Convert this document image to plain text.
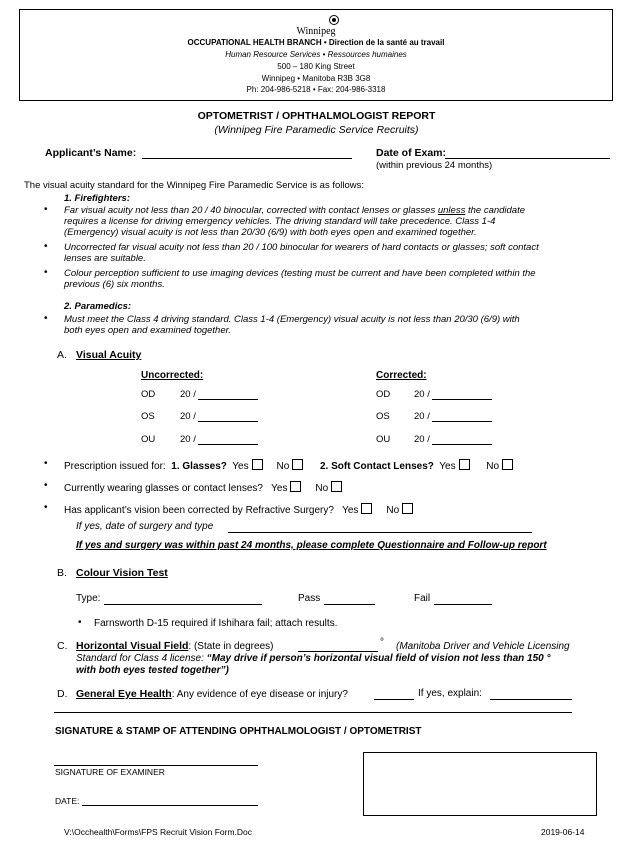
Winnipeg
OCCUPATIONAL HEALTH BRANCH • Direction de la santé au travail
Human Resource Services • Ressources humaines
500 – 180 King Street
Winnipeg • Manitoba R3B 3G8
Ph: 204-986-5218 • Fax: 204-986-3318
OPTOMETRIST / OPHTHALMOLOGIST REPORT
(Winnipeg Fire Paramedic Service Recruits)
Applicant’s Name:	Date of Exam:
(within previous 24 months)
The visual acuity standard for the Winnipeg Fire Paramedic Service is as follows:
1. Firefighters:
• Far visual acuity not less than 20 / 40 binocular, corrected with contact lenses or glasses unless the candidate
requires a license for driving emergency vehicles. The driving standard will take precedence. Class 1-4
(Emergency) visual acuity is not less than 20/30 (6/9) with both eyes open and examined together.
• Uncorrected far visual acuity not less than 20 / 100 binocular for wearers of hard contacts or glasses; soft contact
lenses are suitable.
• Colour perception sufficient to use imaging devices (testing must be current and have been completed within the
previous (6) six months.
2. Paramedics:
• Must meet the Class 4 driving standard. Class 1-4 (Emergency) visual acuity is not less than 20/30 (6/9) with
both eyes open and examined together.
A. Visual Acuity
Uncorrected:	Corrected:
OD	20 /	OD	20 /
OS	20 /	OS	20 /
OU	20 /	OU	20 /
• Prescription issued for: 1. Glasses? Yes	No	2. Soft Contact Lenses? Yes	No
• Currently wearing glasses or contact lenses? Yes	No
• Has applicant’s vision been corrected by Refractive Surgery? Yes	No
If yes, date of surgery and type
If yes and surgery was within past 24 months, please complete Questionnaire and Follow-up report
B. Colour Vision Test
Type:	Pass	Fail
• Farnsworth D-15 required if Ishihara fail; attach results.
C. Horizontal Visual Field: (State in degrees)	° (Manitoba Driver and Vehicle Licensing
Standard for Class 4 license: “May drive if person’s horizontal visual field of vision not less than 150 °
with both eyes tested together”)
D. General Eye Health: Any evidence of eye disease or injury?	If yes, explain:
SIGNATURE & STAMP OF ATTENDING OPHTHALMOLOGIST / OPTOMETRIST
SIGNATURE OF EXAMINER
DATE:
V:\Occhealth\Forms\FPS Recruit Vision Form.Doc	2019-06-14
